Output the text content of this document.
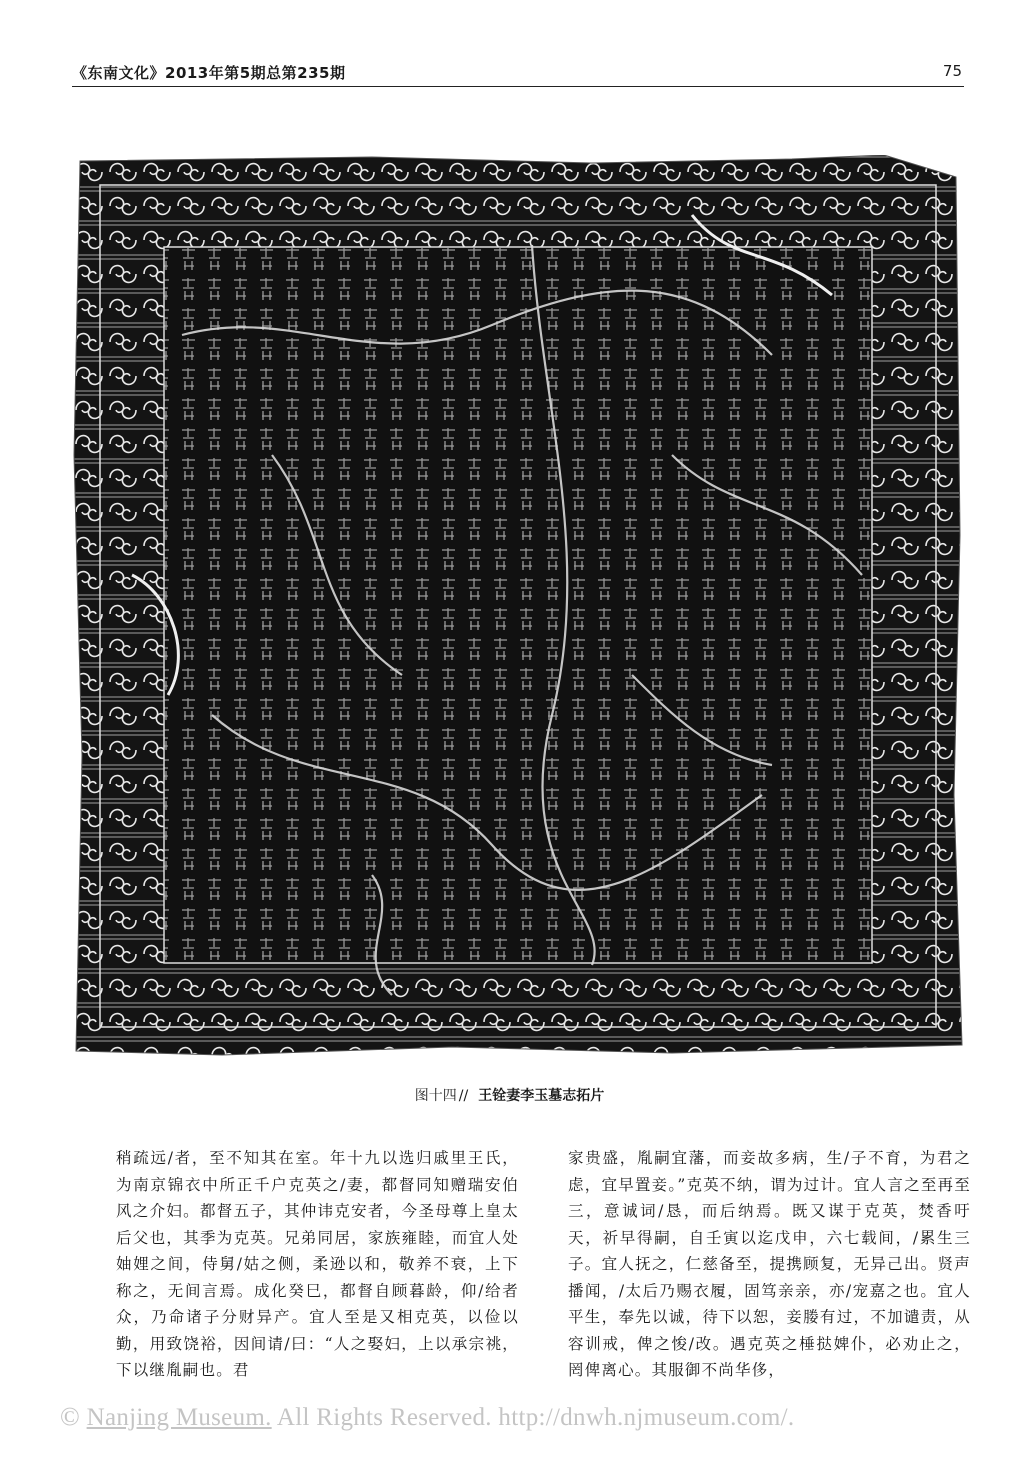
《东南文化》2013年第5期总第235期	75
图十四 // 王铨妻李玉墓志拓片

稍疏远/者，至不知其在室。年十九以选归戚里王氏，为南京锦衣中所正千户克英之/妻，都督同知赠瑞安伯风之介妇。都督五子，其仲讳克安者，今圣母尊上皇太后父也，其季为克英。兄弟同居，家族雍睦，而宜人处妯娌之间，侍舅/姑之侧，柔逊以和，敬养不衰，上下称之，无间言焉。成化癸巳，都督自顾暮龄，仰/给者众，乃命诸子分财异产。宜人至是又相克英，以俭以勤，用致饶裕，因间请/曰：“人之娶妇，上以承宗祧，下以继胤嗣也。君

家贵盛，胤嗣宜藩，而妾故多病，生/子不育，为君之虑，宜早置妾。”克英不纳，谓为过计。宜人言之至再至三，意诚词/恳，而后纳焉。既又谋于克英，焚香吁天，祈早得嗣，自壬寅以迄戊申，六七载间，/累生三子。宜人抚之，仁慈备至，提携顾复，无异己出。贤声播闻，/太后乃赐衣履，固笃亲亲，亦/宠嘉之也。宜人平生，奉先以诚，待下以恕，妾媵有过，不加谴责，从容训戒，俾之悛/改。遇克英之棰挞婢仆，必劝止之，罔俾离心。其服御不尚华侈，

© Nanjing Museum. All Rights Reserved. http://dnwh.njmuseum.com/.
